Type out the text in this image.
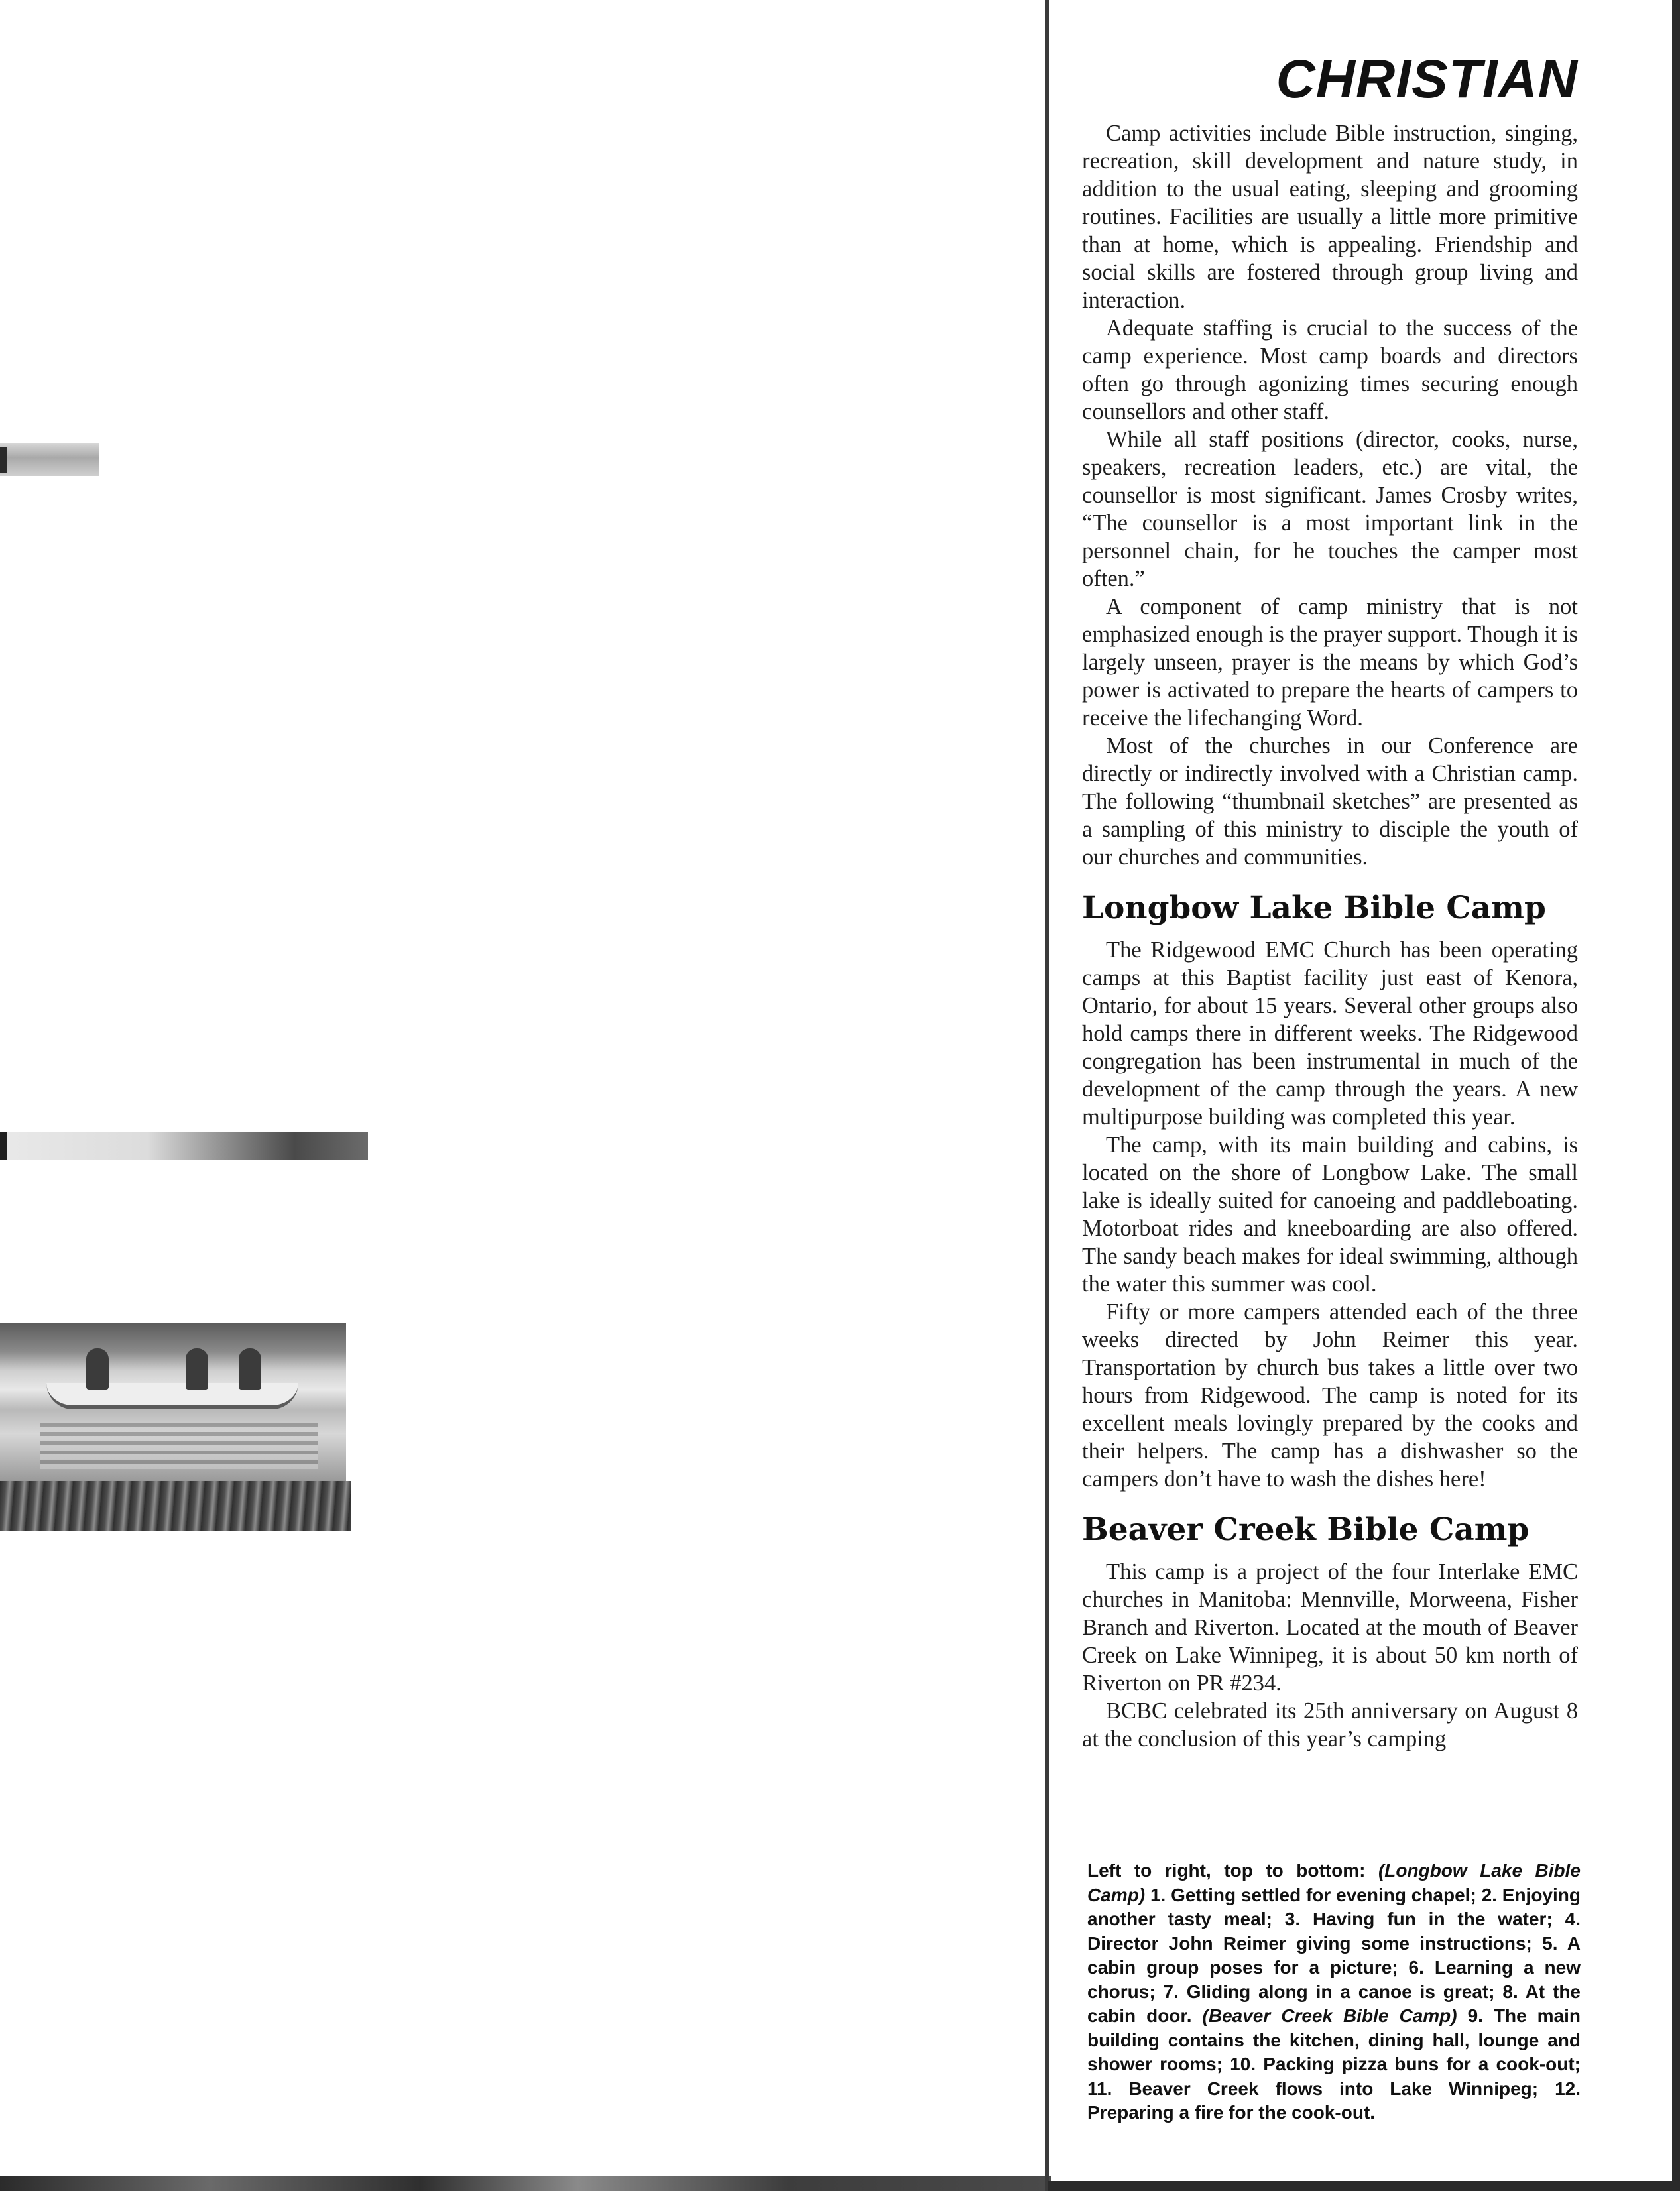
CHRISTIAN

Camp activities include Bible instruction, singing, recreation, skill development and nature study, in addition to the usual eating, sleeping and grooming routines. Facilities are usually a little more primitive than at home, which is appealing. Friendship and social skills are fostered through group living and interaction.

Adequate staffing is crucial to the success of the camp experience. Most camp boards and directors often go through agonizing times securing enough counsellors and other staff.

While all staff positions (director, cooks, nurse, speakers, recreation leaders, etc.) are vital, the counsellor is most significant. James Crosby writes, “The counsellor is a most important link in the personnel chain, for he touches the camper most often.”

A component of camp ministry that is not emphasized enough is the prayer support. Though it is largely unseen, prayer is the means by which God’s power is activated to prepare the hearts of campers to receive the lifechanging Word.

Most of the churches in our Conference are directly or indirectly involved with a Christian camp. The following “thumbnail sketches” are presented as a sampling of this ministry to disciple the youth of our churches and communities.

Longbow Lake Bible Camp

The Ridgewood EMC Church has been operating camps at this Baptist facility just east of Kenora, Ontario, for about 15 years. Several other groups also hold camps there in different weeks. The Ridgewood congregation has been instrumental in much of the development of the camp through the years. A new multipurpose building was completed this year.

The camp, with its main building and cabins, is located on the shore of Longbow Lake. The small lake is ideally suited for canoeing and paddleboating. Motorboat rides and kneeboarding are also offered. The sandy beach makes for ideal swimming, although the water this summer was cool.

Fifty or more campers attended each of the three weeks directed by John Reimer this year. Transportation by church bus takes a little over two hours from Ridgewood. The camp is noted for its excellent meals lovingly prepared by the cooks and their helpers. The camp has a dishwasher so the campers don’t have to wash the dishes here!

Beaver Creek Bible Camp

This camp is a project of the four Interlake EMC churches in Manitoba: Mennville, Morweena, Fisher Branch and Riverton. Located at the mouth of Beaver Creek on Lake Winnipeg, it is about 50 km north of Riverton on PR #234.

BCBC celebrated its 25th anniversary on August 8 at the conclusion of this year’s camping

Left to right, top to bottom: (Longbow Lake Bible Camp) 1. Getting settled for evening chapel; 2. Enjoying another tasty meal; 3. Having fun in the water; 4. Director John Reimer giving some instructions; 5. A cabin group poses for a picture; 6. Learning a new chorus; 7. Gliding along in a canoe is great; 8. At the cabin door. (Beaver Creek Bible Camp) 9. The main building contains the kitchen, dining hall, lounge and shower rooms; 10. Packing pizza buns for a cook-out; 11. Beaver Creek flows into Lake Winnipeg; 12. Preparing a fire for the cook-out.
